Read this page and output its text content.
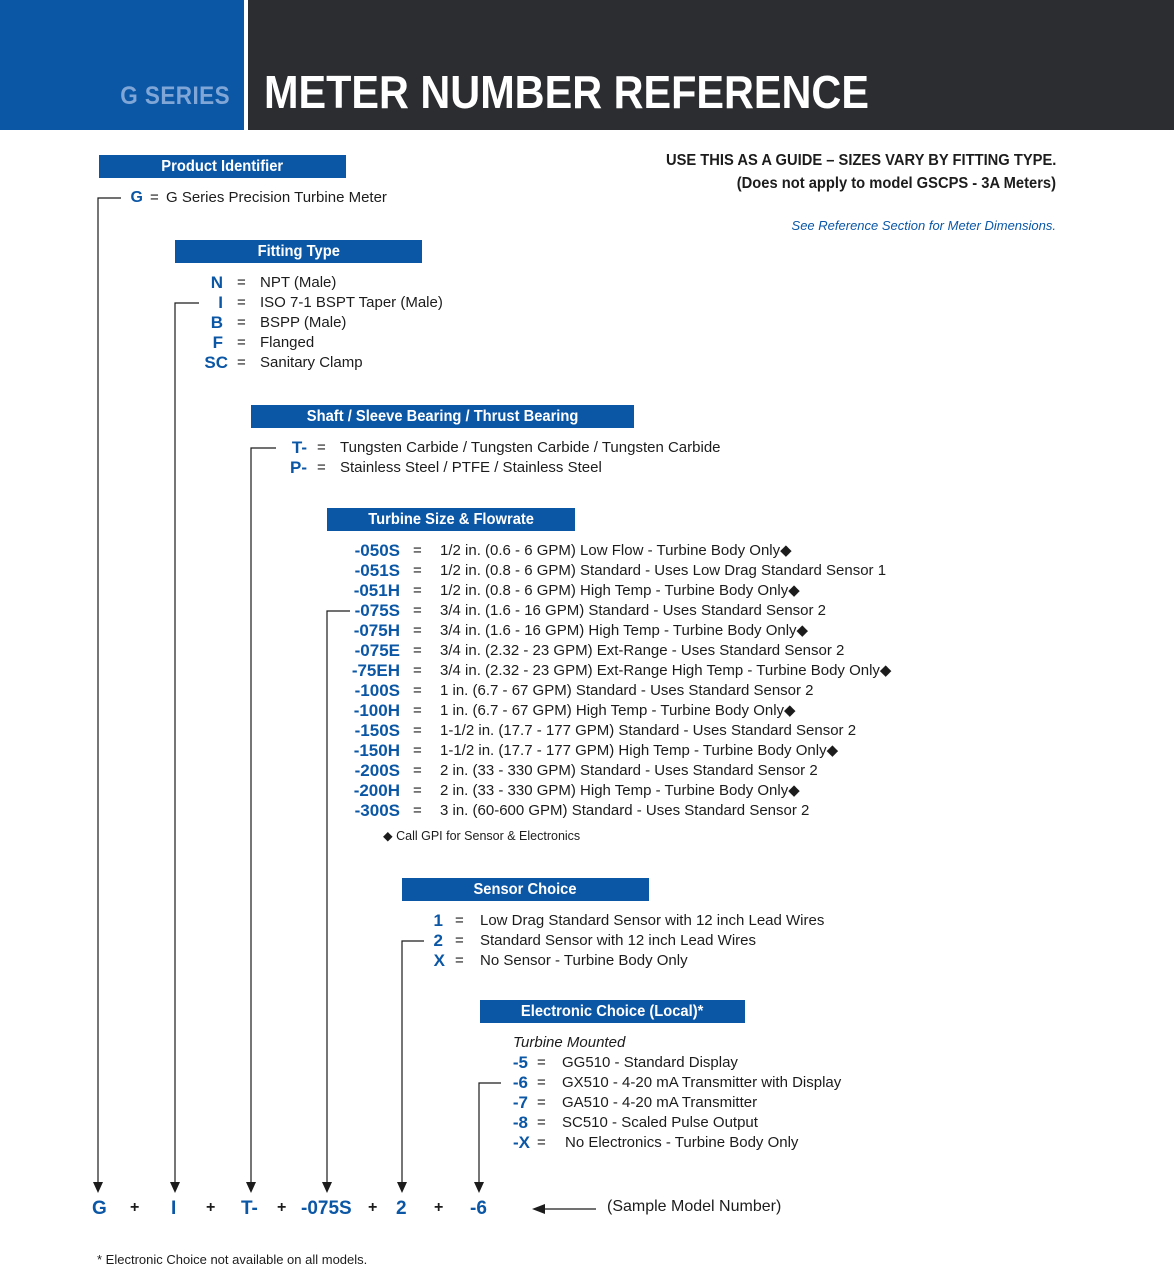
G SERIES METER NUMBER REFERENCE
USE THIS AS A GUIDE – SIZES VARY BY FITTING TYPE.
(Does not apply to model GSCPS - 3A Meters)
See Reference Section for Meter Dimensions.
Product Identifier
G = G Series Precision Turbine Meter
Fitting Type
N = NPT (Male)
I = ISO 7-1 BSPT Taper (Male)
B = BSPP (Male)
F = Flanged
SC = Sanitary Clamp
Shaft / Sleeve Bearing / Thrust Bearing
T- = Tungsten Carbide / Tungsten Carbide / Tungsten Carbide
P- = Stainless Steel / PTFE / Stainless Steel
Turbine Size & Flowrate
-050S = 1/2 in. (0.6 - 6 GPM) Low Flow - Turbine Body Only◆
-051S = 1/2 in. (0.8 - 6 GPM) Standard - Uses Low Drag Standard Sensor 1
-051H = 1/2 in. (0.8 - 6 GPM) High Temp - Turbine Body Only◆
-075S = 3/4 in. (1.6 - 16 GPM) Standard - Uses Standard Sensor 2
-075H = 3/4 in. (1.6 - 16 GPM) High Temp - Turbine Body Only◆
-075E = 3/4 in. (2.32 - 23 GPM) Ext-Range - Uses Standard Sensor 2
-75EH = 3/4 in. (2.32 - 23 GPM) Ext-Range High Temp - Turbine Body Only◆
-100S = 1 in. (6.7 - 67 GPM) Standard - Uses Standard Sensor 2
-100H = 1 in. (6.7 - 67 GPM) High Temp - Turbine Body Only◆
-150S = 1-1/2 in. (17.7 - 177 GPM) Standard - Uses Standard Sensor 2
-150H = 1-1/2 in. (17.7 - 177 GPM) High Temp - Turbine Body Only◆
-200S = 2 in. (33 - 330 GPM) Standard - Uses Standard Sensor 2
-200H = 2 in. (33 - 330 GPM) High Temp - Turbine Body Only◆
-300S = 3 in. (60-600 GPM) Standard - Uses Standard Sensor 2
◆ Call GPI for Sensor & Electronics
Sensor Choice
1 = Low Drag Standard Sensor with 12 inch Lead Wires
2 = Standard Sensor with 12 inch Lead Wires
X = No Sensor - Turbine Body Only
Electronic Choice (Local)*
Turbine Mounted
-5 = GG510 - Standard Display
-6 = GX510 - 4-20 mA Transmitter with Display
-7 = GA510 - 4-20 mA Transmitter
-8 = SC510 - Scaled Pulse Output
-X = No Electronics - Turbine Body Only
G + I + T- + -075S + 2 + -6	(Sample Model Number)
* Electronic Choice not available on all models.
